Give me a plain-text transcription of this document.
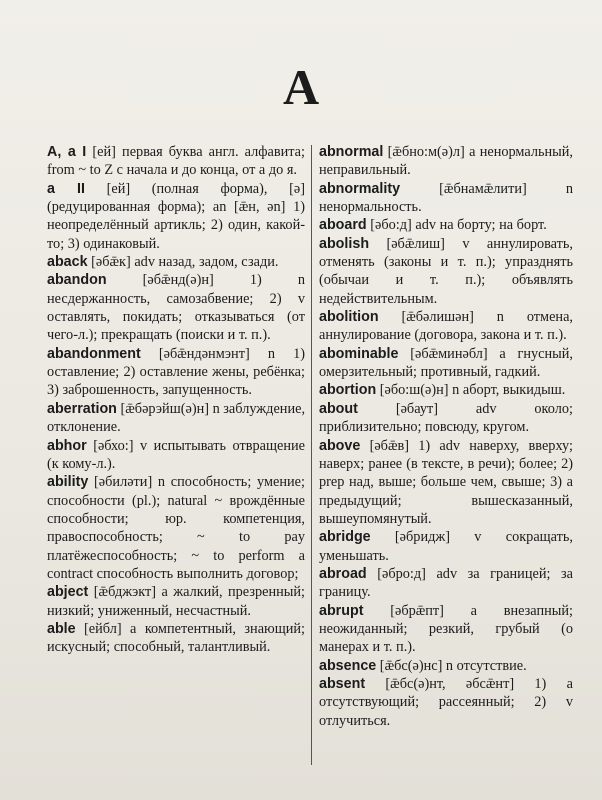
A

A, a I [ей] первая буква англ. алфавита; from ~ to Z с начала и до конца, от а до я.

a II [ей] (полная форма), [ə] (редуцированная форма); an [ǣн, ən] 1) неопределённый артикль; 2) один, какой-то; 3) одинаковый.

aback [əбǣк] adv назад, задом, сзади.

abandon [əбǣнд(ə)н] 1) n несдержанность, самозабвение; 2) v оставлять, покидать; отказываться (от чего-л.); прекращать (поиски и т. п.).

abandonment [əбǣндəнмэнт] n 1) оставление; 2) оставление жены, ребёнка; 3) заброшенность, запущенность.

aberration [ǣбəрэйш(ə)н] n заблуждение, отклонение.

abhor [əбхо:] v испытывать отвращение (к кому-л.).

ability [əбилəти] n способность; умение; способности (pl.); natural ~ врождённые способности; юр. компетенция, правоспособность; ~ to pay платёжеспособность; ~ to perform a contract способность выполнить договор;

abject [ǣбджэкт] a жалкий, презренный; низкий; униженный, несчастный.

able [ейбл] a компетентный, знающий; искусный; способный, талантливый.

abnormal [ǣбно:м(ə)л] a ненормальный, неправильный.

abnormality [ǣбнамǣлити] n ненормальность.

aboard [əбо:д] adv на борту; на борт.

abolish [əбǣлиш] v аннулировать, отменять (законы и т. п.); упразднять (обычаи и т. п.); объявлять недействительным.

abolition [ǣбəлишəн] n отмена, аннулирование (договора, закона и т. п.).

abominable [əбǣминəбл] a гнусный, омерзительный; противный, гадкий.

abortion [əбо:ш(ə)н] n аборт, выкидыш.

about [əбаут] adv около; приблизительно; повсюду, кругом.

above [əбǣв] 1) adv наверху, вверху; наверх; ранее (в тексте, в речи); более; 2) prep над, выше; больше чем, свыше; 3) a предыдущий; вышесказанный, вышеупомянутый.

abridge [əбридж] v сокращать, уменьшать.

abroad [əбро:д] adv за границей; за границу.

abrupt [əбрǣпт] a внезапный; неожиданный; резкий, грубый (о манерах и т. п.).

absence [ǣбс(ə)нс] n отсутствие.

absent [ǣбс(ə)нт, əбсǣнт] 1) a отсутствующий; рассеянный; 2) v отлучиться.
